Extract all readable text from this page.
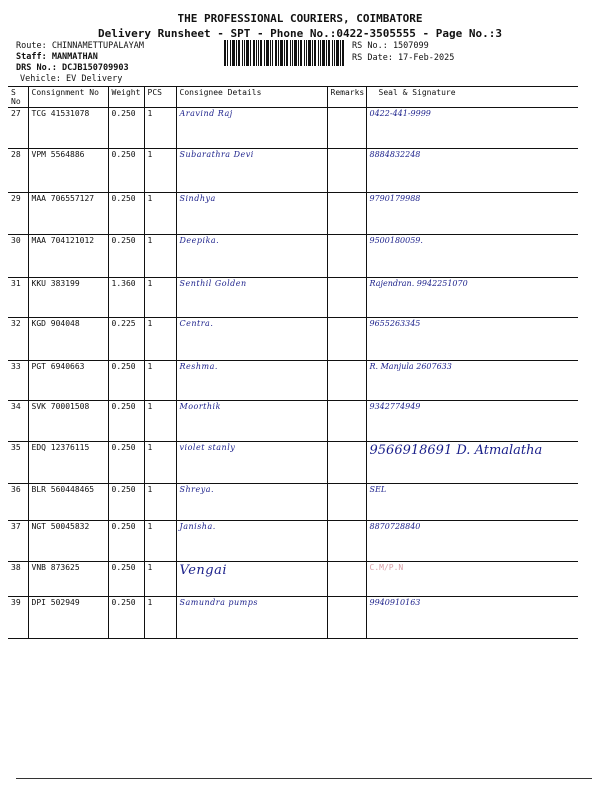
THE PROFESSIONAL COURIERS, COIMBATORE
Delivery Runsheet - SPT - Phone No.:0422-3505555 - Page No.:3
Route: CHINNAMETTUPALAYAM
Staff: MANMATHAN
DRS No.: DCJB150709903
Vehicle: EV Delivery
RS No.: 1507099
RS Date: 17-Feb-2025
S No	Consignment No	Weight	PCS	Consignee Details	Remarks	Seal & Signature
27	TCG 41531078	0.250	1	Aravind Raj		0422-441-9999
28	VPM 5564886	0.250	1	Subarathra Devi		8884832248
29	MAA 706557127	0.250	1	Sindhya		9790179988
30	MAA 704121012	0.250	1	Deepika.		9500180059.
31	KKU 383199	1.360	1	Senthil Golden		Rajendran. 9942251070
32	KGD 904048	0.225	1	Centra.		9655263345
33	PGT 6940663	0.250	1	Reshma.		R. Manjula 2607633
34	SVK 70001508	0.250	1	Moorthik		9342774949
35	EDQ 12376115	0.250	1	violet stanly		9566918691 D. Atmalatha
36	BLR 560448465	0.250	1	Shreya.		SEL
37	NGT 50045832	0.250	1	Janisha.		8870728840
38	VNB 873625	0.250	1	Vengai		C.M/P.N
39	DPI 502949	0.250	1	Samundra pumps		9940910163
